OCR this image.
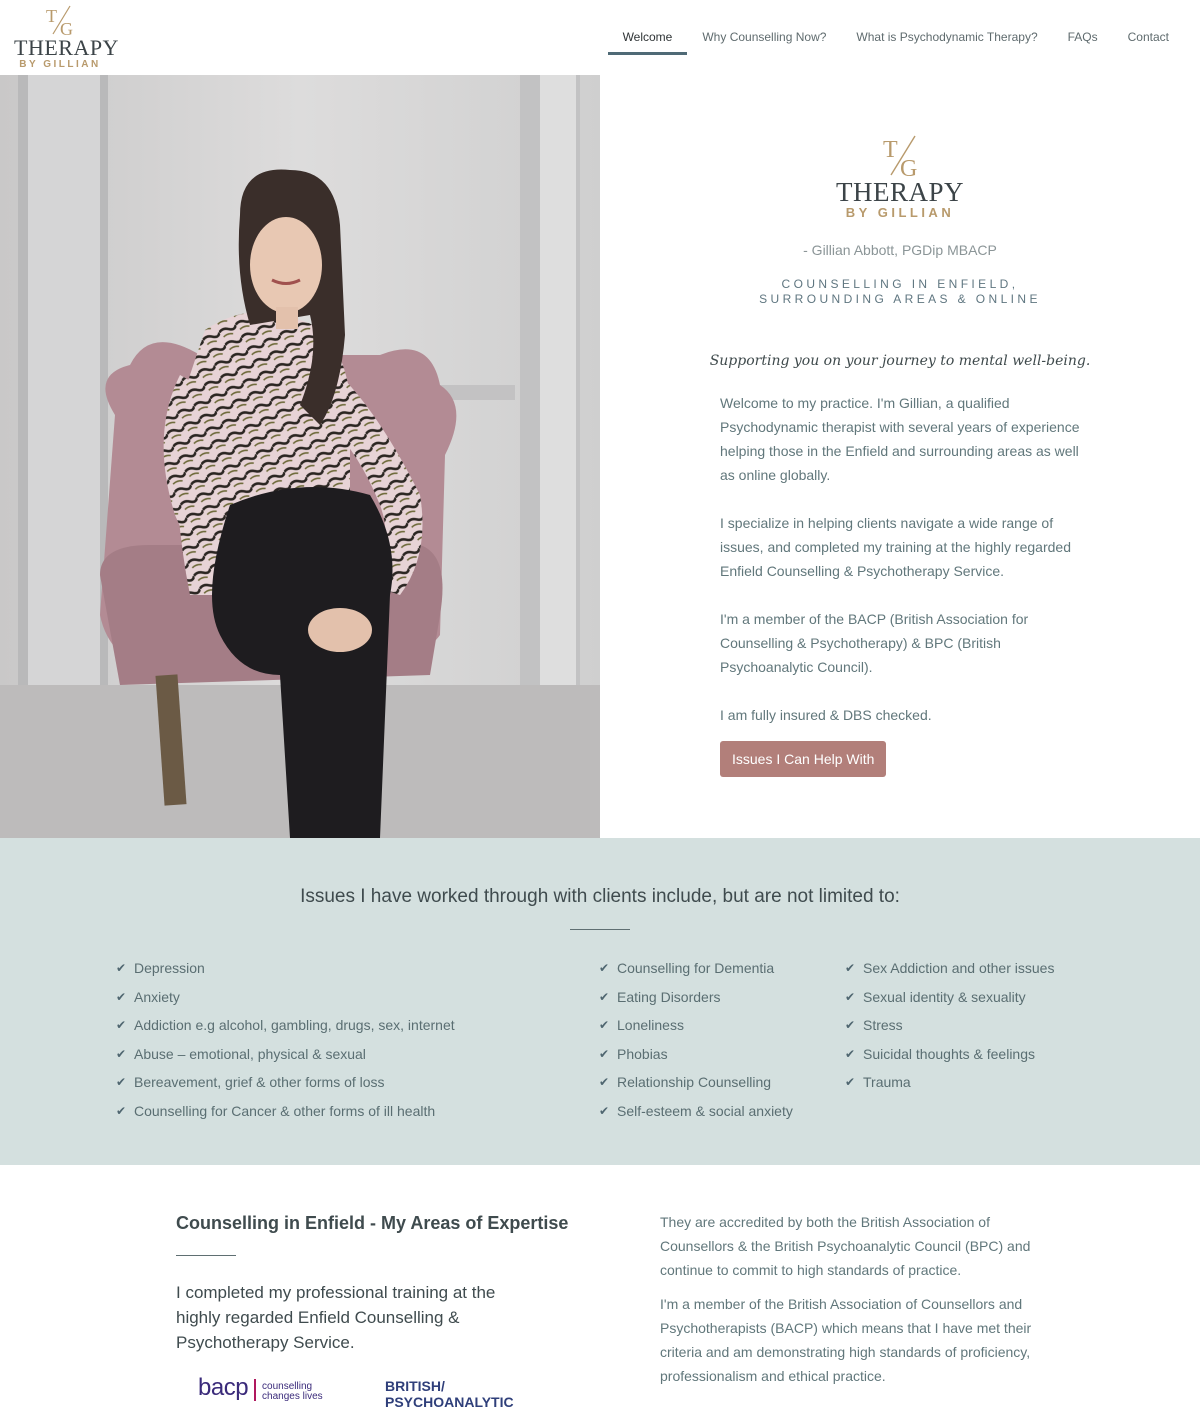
T
G
THERAPY
BY GILLIAN
Welcome	Why Counselling Now?	What is Psychodynamic Therapy?	FAQs	Contact
T
G
THERAPY
BY GILLIAN
- Gillian Abbott, PGDip MBACP
COUNSELLING IN ENFIELD,
SURROUNDING AREAS & ONLINE
Supporting you on your journey to mental well-being.

Welcome to my practice. I'm Gillian, a qualified Psychodynamic therapist with several years of experience helping those in the Enfield and surrounding areas as well as online globally.

I specialize in helping clients navigate a wide range of issues, and completed my training at the highly regarded Enfield Counselling & Psychotherapy Service.

I'm a member of the BACP (British Association for Counselling & Psychotherapy) & BPC (British Psychoanalytic Council).

I am fully insured & DBS checked.

Issues I Can Help With
Issues I have worked through with clients include, but are not limited to:
✔ Depression
✔ Anxiety
✔ Addiction e.g alcohol, gambling, drugs, sex, internet
✔ Abuse – emotional, physical & sexual
✔ Bereavement, grief & other forms of loss
✔ Counselling for Cancer & other forms of ill health
✔ Counselling for Dementia
✔ Eating Disorders
✔ Loneliness
✔ Phobias
✔ Relationship Counselling
✔ Self-esteem & social anxiety
✔ Sex Addiction and other issues
✔ Sexual identity & sexuality
✔ Stress
✔ Suicidal thoughts & feelings
✔ Trauma
Counselling in Enfield - My Areas of Expertise

I completed my professional training at the highly regarded Enfield Counselling & Psychotherapy Service.

They are accredited by both the British Association of Counsellors & the British Psychoanalytic Council (BPC) and continue to commit to high standards of practice.

I'm a member of the British Association of Counsellors and Psychotherapists (BACP) which means that I have met their criteria and am demonstrating high standards of proficiency, professionalism and ethical practice.

bacp counselling
changes lives
BRITISH/
PSYCHOANALYTIC
